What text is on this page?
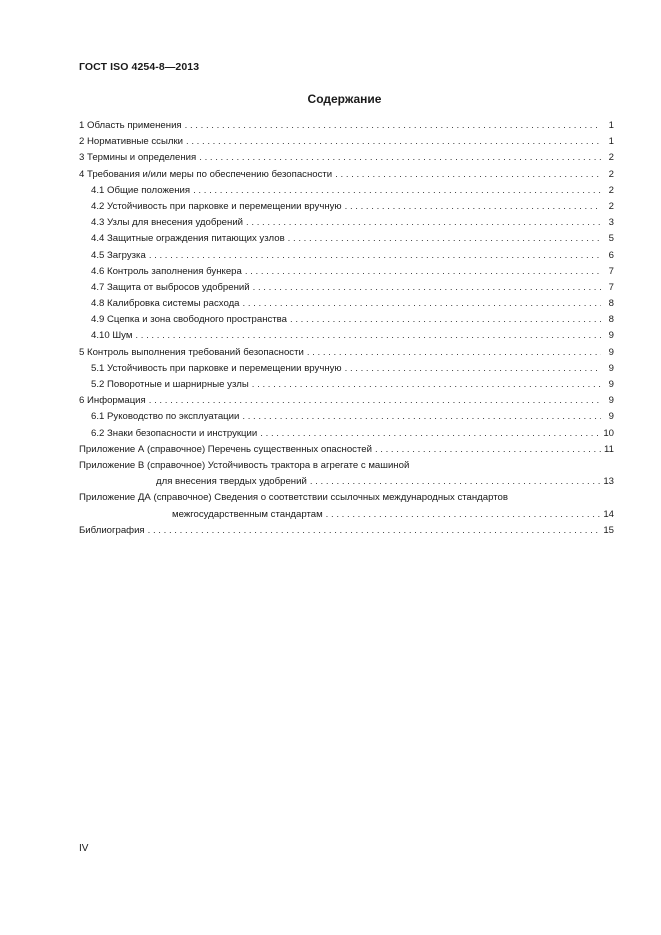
ГОСТ ISO 4254-8—2013
Содержание
1 Область применения . . .	1
2 Нормативные ссылки . . .	1
3 Термины и определения . . .	2
4 Требования и/или меры по обеспечению безопасности . . .	2
4.1 Общие положения . . .	2
4.2 Устойчивость при парковке и перемещении вручную . . .	2
4.3 Узлы для внесения удобрений . . .	3
4.4 Защитные ограждения питающих узлов . . .	5
4.5 Загрузка . . .	6
4.6 Контроль заполнения бункера . . .	7
4.7 Защита от выбросов удобрений . . .	7
4.8 Калибровка системы расхода . . .	8
4.9 Сцепка и зона свободного пространства . . .	8
4.10 Шум . . .	9
5 Контроль выполнения требований безопасности . . .	9
5.1 Устойчивость при парковке и перемещении вручную . . .	9
5.2 Поворотные и шарнирные узлы . . .	9
6 Информация . . .	9
6.1 Руководство по эксплуатации . . .	9
6.2 Знаки безопасности и инструкции . . .	10
Приложение А (справочное) Перечень существенных опасностей . . .	11
Приложение В (справочное) Устойчивость трактора в агрегате с машиной
для внесения твердых удобрений . . .	13
Приложение ДА (справочное) Сведения о соответствии ссылочных международных стандартов
межгосударственным стандартам . . .	14
Библиография . . .	15
IV
